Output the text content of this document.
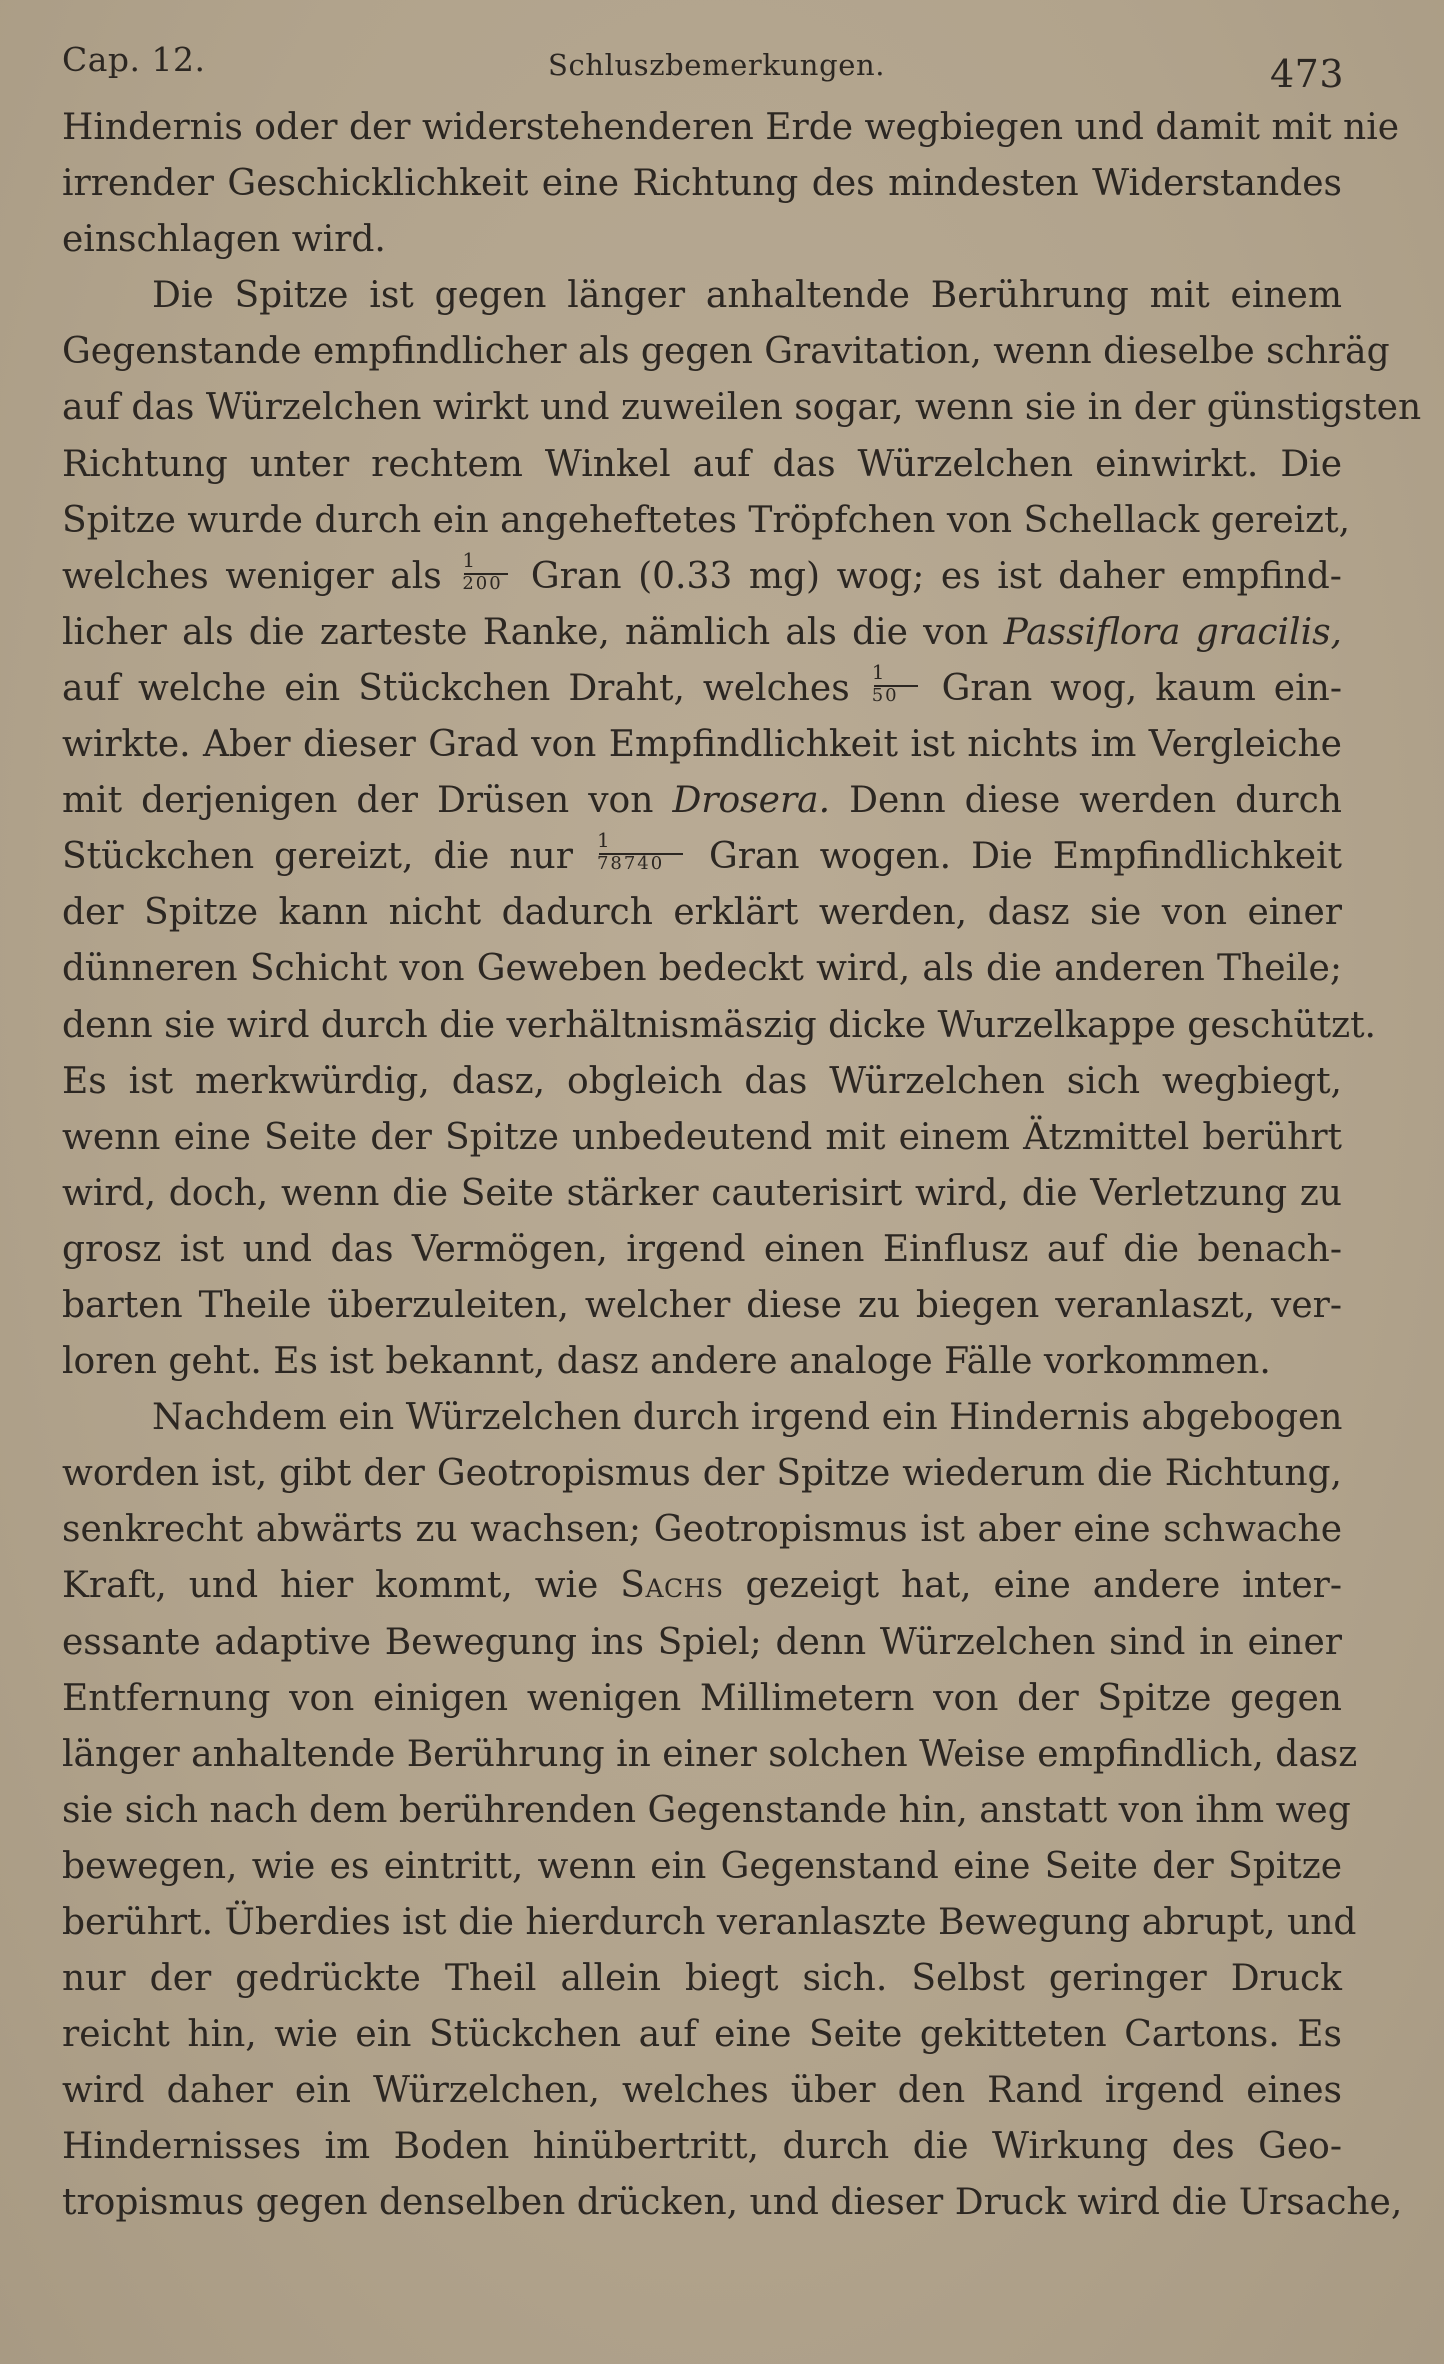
Cap. 12.	Schluszbemerkungen.	473
Hindernis oder der widerstehenderen Erde wegbiegen und damit mit nie
irrender Geschicklichkeit eine Richtung des mindesten Widerstandes
einschlagen wird.
Die Spitze ist gegen länger anhaltende Berührung mit einem
Gegenstande empfindlicher als gegen Gravitation, wenn dieselbe schräg
auf das Würzelchen wirkt und zuweilen sogar, wenn sie in der günstigsten
Richtung unter rechtem Winkel auf das Würzelchen einwirkt. Die
Spitze wurde durch ein angeheftetes Tröpfchen von Schellack gereizt,
welches weniger als $\frac{1}{200}$ Gran (0.33 mg) wog; es ist daher empfind-
licher als die zarteste Ranke, nämlich als die von Passiflora gracilis,
auf welche ein Stückchen Draht, welches $\frac{1}{50}$ Gran wog, kaum ein-
wirkte. Aber dieser Grad von Empfindlichkeit ist nichts im Vergleiche
mit derjenigen der Drüsen von Drosera. Denn diese werden durch
Stückchen gereizt, die nur $\frac{1}{78740}$ Gran wogen. Die Empfindlichkeit
der Spitze kann nicht dadurch erklärt werden, dasz sie von einer
dünneren Schicht von Geweben bedeckt wird, als die anderen Theile;
denn sie wird durch die verhältnismäszig dicke Wurzelkappe geschützt.
Es ist merkwürdig, dasz, obgleich das Würzelchen sich wegbiegt,
wenn eine Seite der Spitze unbedeutend mit einem Ätzmittel berührt
wird, doch, wenn die Seite stärker cauterisirt wird, die Verletzung zu
grosz ist und das Vermögen, irgend einen Einflusz auf die benach-
barten Theile überzuleiten, welcher diese zu biegen veranlaszt, ver-
loren geht. Es ist bekannt, dasz andere analoge Fälle vorkommen.
Nachdem ein Würzelchen durch irgend ein Hindernis abgebogen
worden ist, gibt der Geotropismus der Spitze wiederum die Richtung,
senkrecht abwärts zu wachsen; Geotropismus ist aber eine schwache
Kraft, und hier kommt, wie Sachs gezeigt hat, eine andere inter-
essante adaptive Bewegung ins Spiel; denn Würzelchen sind in einer
Entfernung von einigen wenigen Millimetern von der Spitze gegen
länger anhaltende Berührung in einer solchen Weise empfindlich, dasz
sie sich nach dem berührenden Gegenstande hin, anstatt von ihm weg
bewegen, wie es eintritt, wenn ein Gegenstand eine Seite der Spitze
berührt. Überdies ist die hierdurch veranlaszte Bewegung abrupt, und
nur der gedrückte Theil allein biegt sich. Selbst geringer Druck
reicht hin, wie ein Stückchen auf eine Seite gekitteten Cartons. Es
wird daher ein Würzelchen, welches über den Rand irgend eines
Hindernisses im Boden hinübertritt, durch die Wirkung des Geo-
tropismus gegen denselben drücken, und dieser Druck wird die Ursache,
